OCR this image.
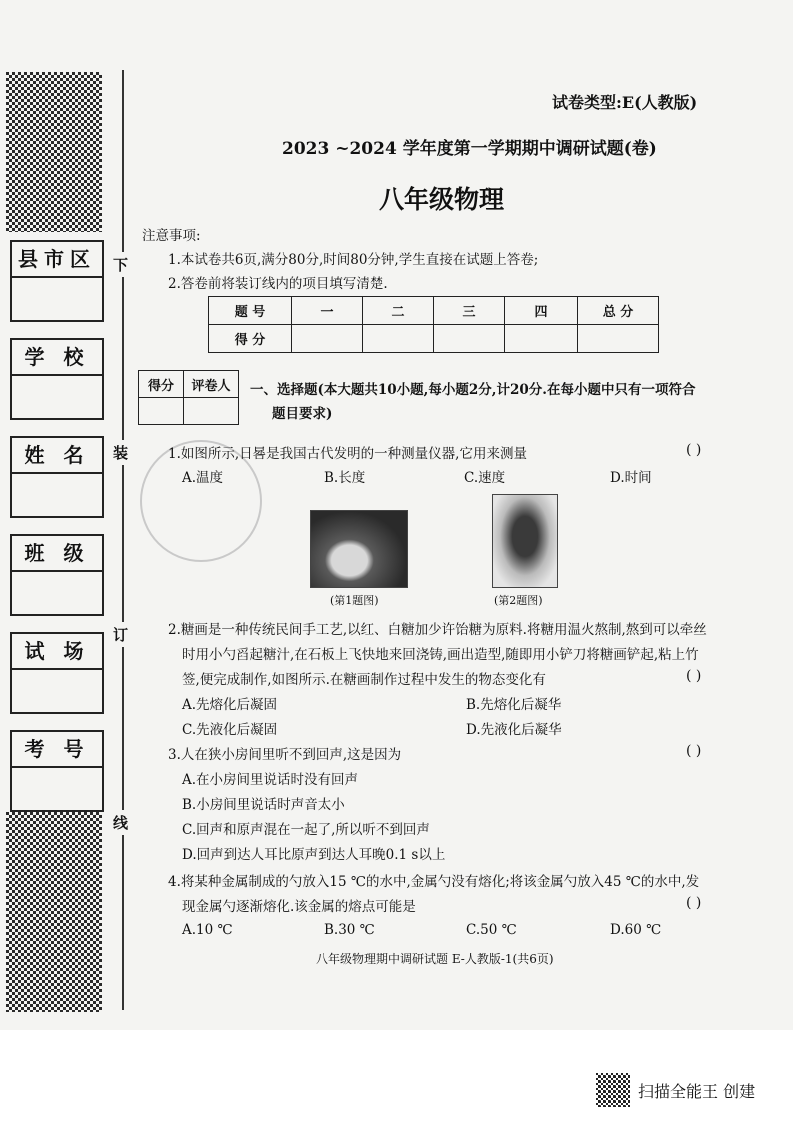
县市区
学 校
姓 名
班 级
试 场
考 号
下
装
订
线
试卷类型:E(人教版)
2023 ~2024 学年度第一学期期中调研试题(卷)
八年级物理
注意事项:
1.本试卷共6页,满分80分,时间80分钟,学生直接在试题上答卷;
2.答卷前将装订线内的项目填写清楚.
题 号	一	二	三	四	总 分
得 分					
得分	评卷人
	一、选择题(本大题共10小题,每小题2分,计20分.在每小题中只有一项符合
题目要求)
1.如图所示,日晷是我国古代发明的一种测量仪器,它用来测量	( )
A.温度	B.长度	C.速度	D.时间
(第1题图)	(第2题图)
2.糖画是一种传统民间手工艺,以红、白糖加少许饴糖为原料.将糖用温火熬制,熬到可以牵丝
时用小勺舀起糖汁,在石板上飞快地来回浇铸,画出造型,随即用小铲刀将糖画铲起,粘上竹
签,便完成制作,如图所示.在糖画制作过程中发生的物态变化有	( )
A.先熔化后凝固	B.先熔化后凝华
C.先液化后凝固	D.先液化后凝华
3.人在狭小房间里听不到回声,这是因为	( )
A.在小房间里说话时没有回声
B.小房间里说话时声音太小
C.回声和原声混在一起了,所以听不到回声
D.回声到达人耳比原声到达人耳晚0.1 s以上
4.将某种金属制成的勺放入15 ℃的水中,金属勺没有熔化;将该金属勺放入45 ℃的水中,发
现金属勺逐渐熔化.该金属的熔点可能是	( )
A.10 ℃	B.30 ℃	C.50 ℃	D.60 ℃
八年级物理期中调研试题 E-人教版-1(共6页)
扫描全能王 创建
